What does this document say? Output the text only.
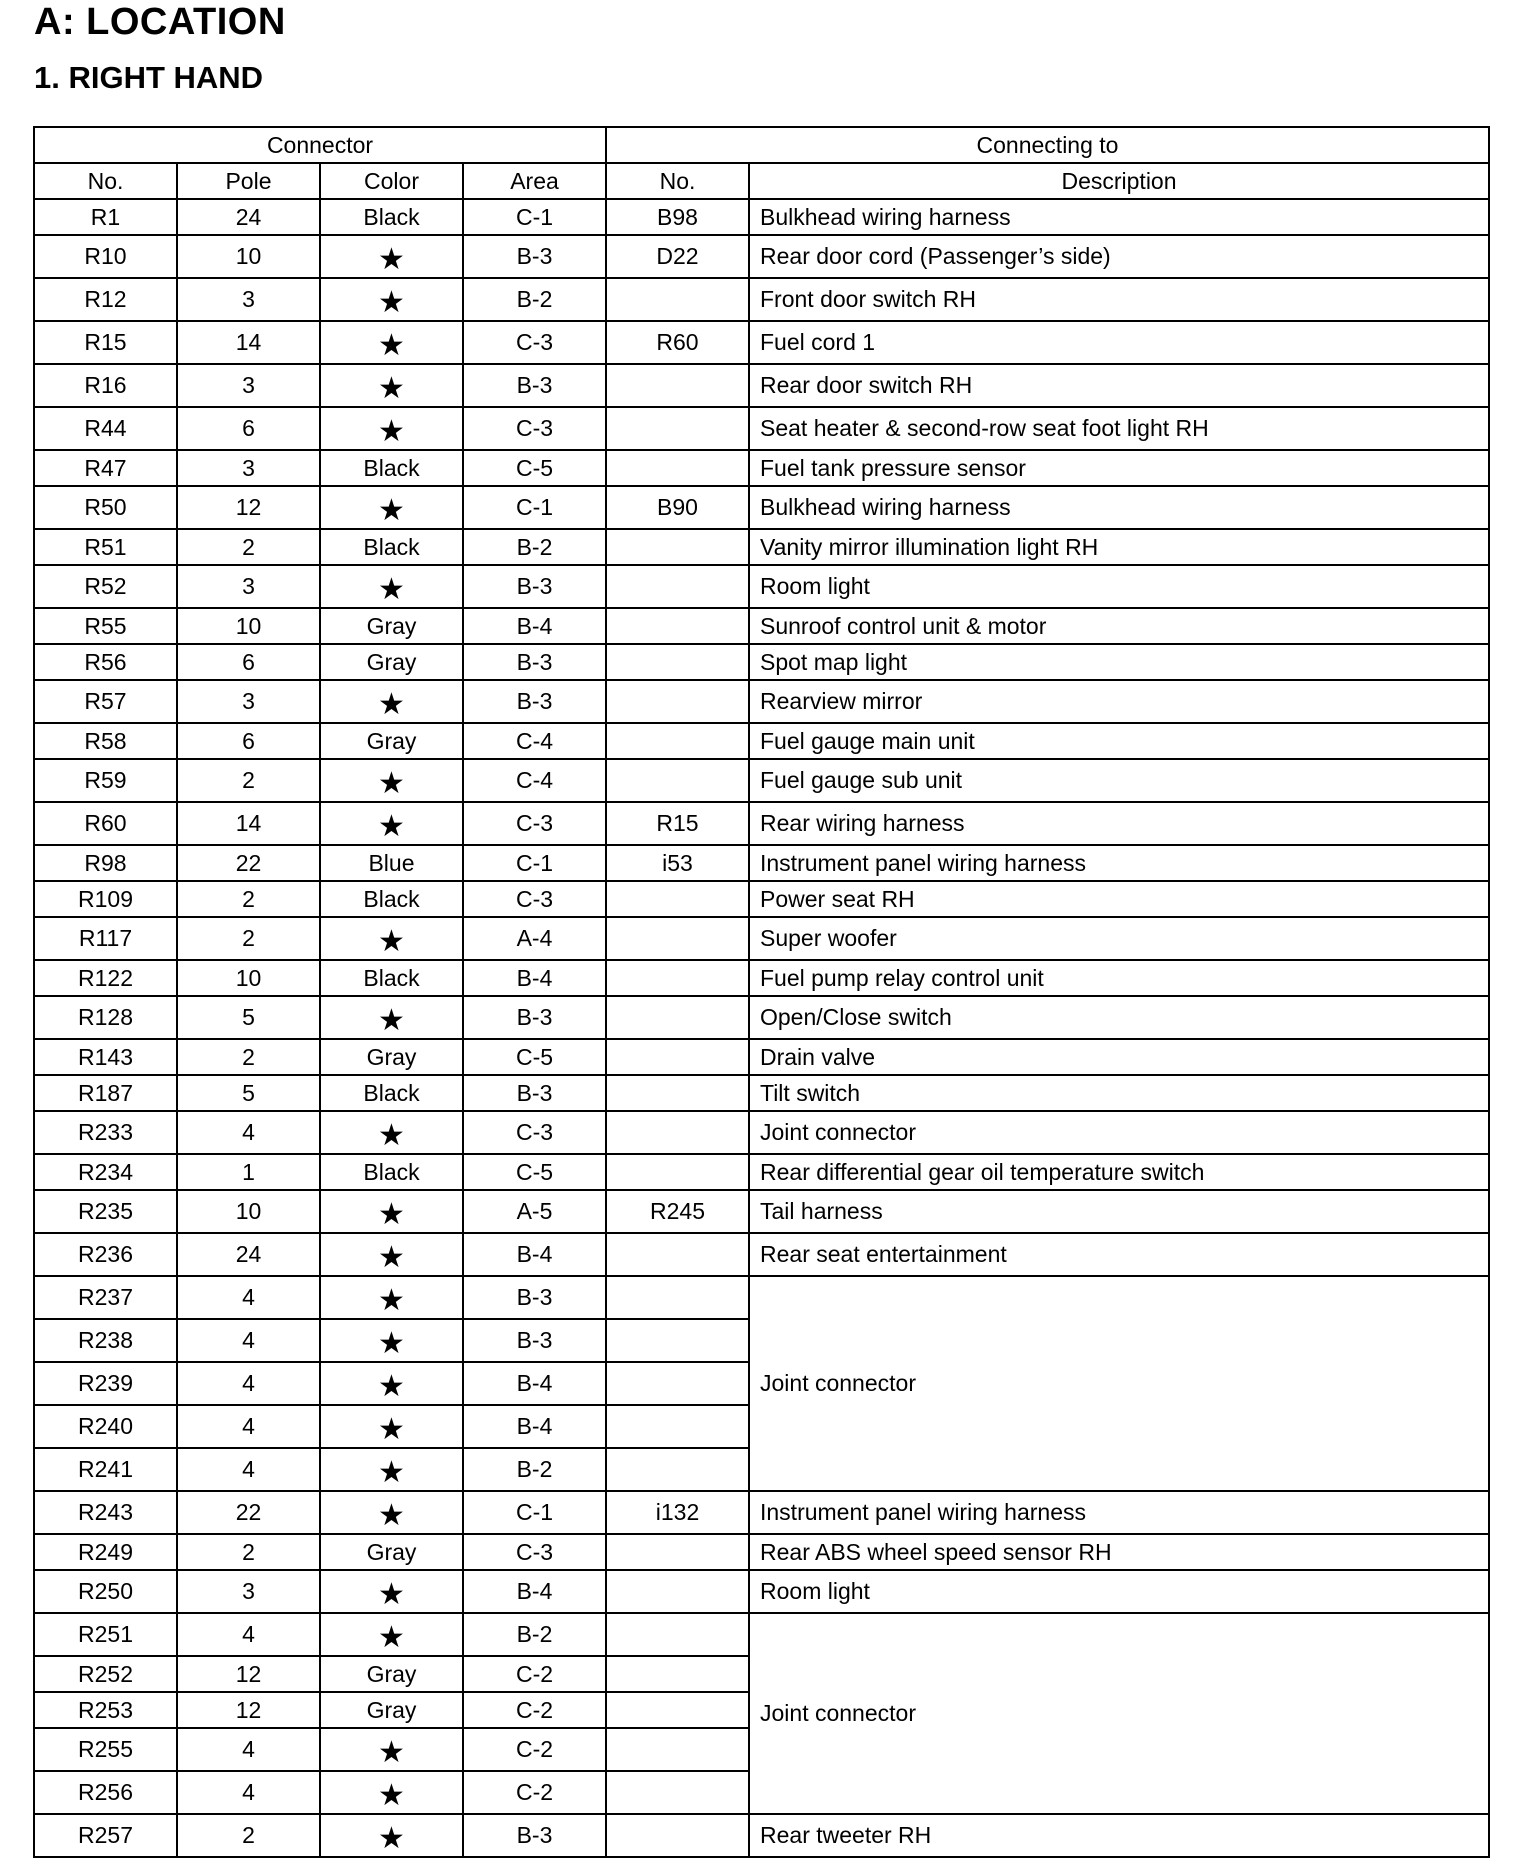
A: LOCATION
1. RIGHT HAND
Connector				Connecting to	
No.	Pole	Color	Area	No.	Description
R1	24	Black	C-1	B98	Bulkhead wiring harness
R10	10	★	B-3	D22	Rear door cord (Passenger’s side)
R12	3	★	B-2		Front door switch RH
R15	14	★	C-3	R60	Fuel cord 1
R16	3	★	B-3		Rear door switch RH
R44	6	★	C-3		Seat heater & second-row seat foot light RH
R47	3	Black	C-5		Fuel tank pressure sensor
R50	12	★	C-1	B90	Bulkhead wiring harness
R51	2	Black	B-2		Vanity mirror illumination light RH
R52	3	★	B-3		Room light
R55	10	Gray	B-4		Sunroof control unit & motor
R56	6	Gray	B-3		Spot map light
R57	3	★	B-3		Rearview mirror
R58	6	Gray	C-4		Fuel gauge main unit
R59	2	★	C-4		Fuel gauge sub unit
R60	14	★	C-3	R15	Rear wiring harness
R98	22	Blue	C-1	i53	Instrument panel wiring harness
R109	2	Black	C-3		Power seat RH
R117	2	★	A-4		Super woofer
R122	10	Black	B-4		Fuel pump relay control unit
R128	5	★	B-3		Open/Close switch
R143	2	Gray	C-5		Drain valve
R187	5	Black	B-3		Tilt switch
R233	4	★	C-3		Joint connector
R234	1	Black	C-5		Rear differential gear oil temperature switch
R235	10	★	A-5	R245	Tail harness
R236	24	★	B-4		Rear seat entertainment
R237	4	★	B-3		Joint connector
R238	4	★	B-3		
R239	4	★	B-4		
R240	4	★	B-4		
R241	4	★	B-2		
R243	22	★	C-1	i132	Instrument panel wiring harness
R249	2	Gray	C-3		Rear ABS wheel speed sensor RH
R250	3	★	B-4		Room light
R251	4	★	B-2		Joint connector
R252	12	Gray	C-2		
R253	12	Gray	C-2		
R255	4	★	C-2		
R256	4	★	C-2		
R257	2	★	B-3		Rear tweeter RH
